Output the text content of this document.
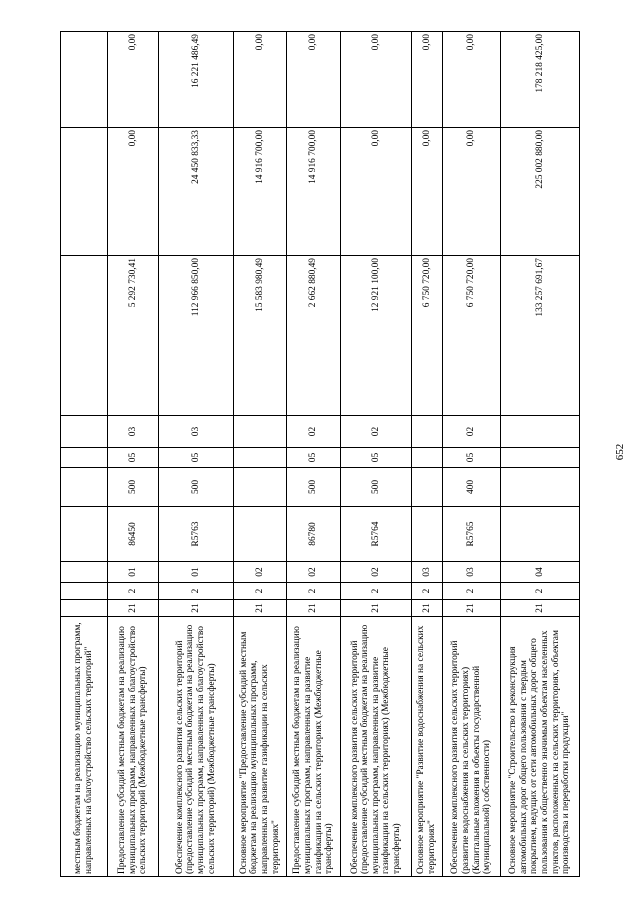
652
местным бюджетам на реализацию муниципальных программ, направленных на благоустройство сельских территорий"										
Предоставление субсидий местным бюджетам на реализацию муниципальных программ, направленных на благоустройство сельских территорий (Межбюджетные трансферты)	21	2	01	86450	500	05	03	5 292 730,41	0,00	0,00
Обеспечение комплексного развития сельских территорий (предоставление субсидий местным бюджетам на реализацию муниципальных программ, направленных на благоустройство сельских территорий) (Межбюджетные трансферты)	21	2	01	R5763	500	05	03	112 966 850,00	24 450 833,33	16 221 486,49
Основное мероприятие "Предоставление субсидий местным бюджетам на реализацию муниципальных программ, направленных на развитие газификации на сельских территориях"	21	2	02					15 583 980,49	14 916 700,00	0,00
Предоставление субсидий местным бюджетам на реализацию муниципальных программ, направленных на развитие газификации на сельских территориях (Межбюджетные трансферты)	21	2	02	86780	500	05	02	2 662 880,49	14 916 700,00	0,00
Обеспечение комплексного развития сельских территорий (предоставление субсидий местным бюджетам на реализацию муниципальных программ, направленных на развитие газификации на сельских территориях) (Межбюджетные трансферты)	21	2	02	R5764	500	05	02	12 921 100,00	0,00	0,00
Основное мероприятие "Развитие водоснабжения на сельских территориях"	21	2	03					6 750 720,00	0,00	0,00
Обеспечение комплексного развития сельских территорий (развитие водоснабжения на сельских территориях) (Капитальные вложения в объекты государственной (муниципальной) собственности)	21	2	03	R5765	400	05	02	6 750 720,00	0,00	0,00
Основное мероприятие "Строительство и реконструкция автомобильных дорог общего пользования с твердым покрытием, ведущих от сети автомобильных дорог общего пользования к общественно значимым объектам населенных пунктов, расположенных на сельских территориях, объектам производства и переработки продукции"	21	2	04					133 257 691,67	225 002 880,00	178 218 425,00
